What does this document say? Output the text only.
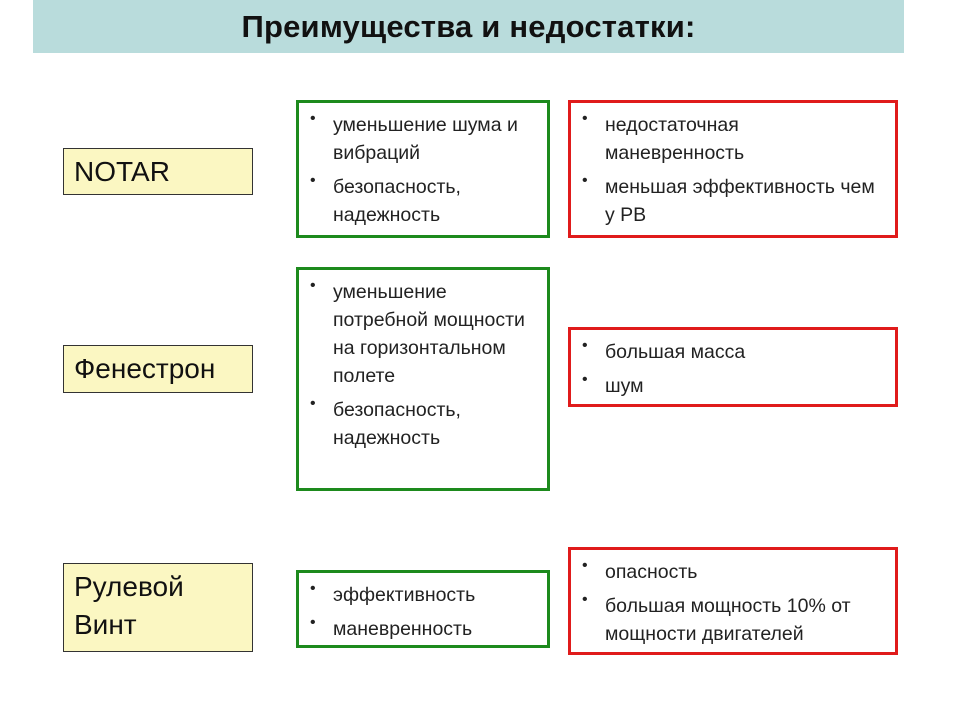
Преимущества и недостатки:
NOTAR
• уменьшение шума и вибраций
• безопасность, надежность
• недостаточная маневренность
• меньшая эффективность чем у РВ
Фенестрон
• уменьшение потребной мощности на горизонтальном полете
• безопасность, надежность
• большая масса
• шум
Рулевой Винт
• эффективность
• маневренность
• опасность
• большая мощность 10% от мощности двигателей
